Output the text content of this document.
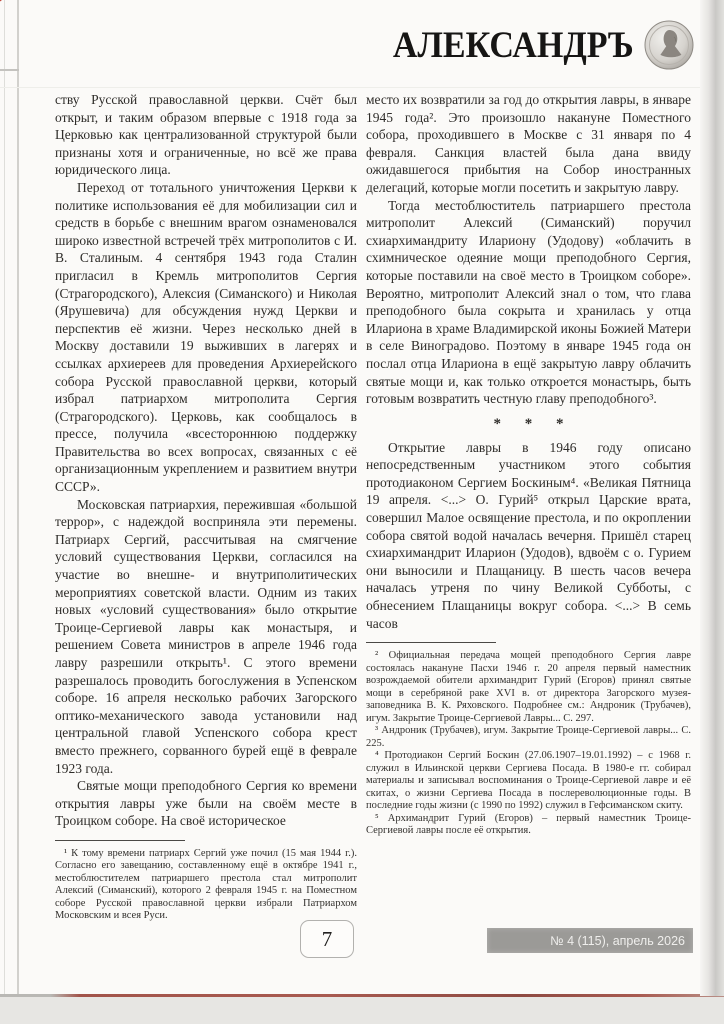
АЛЕКСАНДРЪ

ству Русской православной церкви. Счёт был открыт, и таким образом впервые с 1918 года за Церковью как централизованной структурой были признаны хотя и ограниченные, но всё же права юридического лица.

Переход от тотального уничтожения Церкви к политике использования её для мобилизации сил и средств в борьбе с внешним врагом ознаменовался широко известной встречей трёх митрополитов с И. В. Сталиным. 4 сентября 1943 года Сталин пригласил в Кремль митрополитов Сергия (Страгородского), Алексия (Симанского) и Николая (Ярушевича) для обсуждения нужд Церкви и перспектив её жизни. Через несколько дней в Москву доставили 19 выживших в лагерях и ссылках архиереев для проведения Архиерейского собора Русской православной церкви, который избрал патриархом митрополита Сергия (Страгородского). Церковь, как сообщалось в прессе, получила «всестороннюю поддержку Правительства во всех вопросах, связанных с её организационным укреплением и развитием внутри СССР».

Московская патриархия, пережившая «большой террор», с надеждой восприняла эти перемены. Патриарх Сергий, рассчитывая на смягчение условий существования Церкви, согласился на участие во внешне- и внутриполитических мероприятиях советской власти. Одним из таких новых «условий существования» было открытие Троице-Сергиевой лавры как монастыря, и решением Совета министров в апреле 1946 года лавру разрешили открыть¹. С этого времени разрешалось проводить богослужения в Успенском соборе. 16 апреля несколько рабочих Загорского оптико-механического завода установили над центральной главой Успенского собора крест вместо прежнего, сорванного бурей ещё в феврале 1923 года.

Святые мощи преподобного Сергия ко времени открытия лавры уже были на своём месте в Троицком соборе. На своё историческое

¹ К тому времени патриарх Сергий уже почил (15 мая 1944 г.). Согласно его завещанию, составленному ещё в октябре 1941 г., местоблюстителем патриаршего престола стал митрополит Алексий (Симанский), которого 2 февраля 1945 г. на Поместном соборе Русской православной церкви избрали Патриархом Московским и всея Руси.

место их возвратили за год до открытия лавры, в январе 1945 года². Это произошло накануне Поместного собора, проходившего в Москве с 31 января по 4 февраля. Санкция властей была дана ввиду ожидавшегося прибытия на Собор иностранных делегаций, которые могли посетить и закрытую лавру.

Тогда местоблюститель патриаршего престола митрополит Алексий (Симанский) поручил схиархимандриту Илариону (Удодову) «облачить в схимническое одеяние мощи преподобного Сергия, которые поставили на своё место в Троицком соборе». Вероятно, митрополит Алексий знал о том, что глава преподобного была сокрыта и хранилась у отца Илариона в храме Владимирской иконы Божией Матери в селе Виноградово. Поэтому в январе 1945 года он послал отца Илариона в ещё закрытую лавру облачить святые мощи и, как только откроется монастырь, быть готовым возвратить честную главу преподобного³.

* * *

Открытие лавры в 1946 году описано непосредственным участником этого события протодиаконом Сергием Боскиным⁴. «Великая Пятница 19 апреля. <...> О. Гурий⁵ открыл Царские врата, совершил Малое освящение престола, и по окроплении собора святой водой началась вечерня. Пришёл старец схиархимандрит Иларион (Удодов), вдвоём с о. Гурием они выносили и Плащаницу. В шесть часов вечера началась утреня по чину Великой Субботы, с обнесением Плащаницы вокруг собора. <...> В семь часов

² Официальная передача мощей преподобного Сергия лавре состоялась накануне Пасхи 1946 г. 20 апреля первый наместник возрождаемой обители архимандрит Гурий (Егоров) принял святые мощи в серебряной раке XVI в. от директора Загорского музея-заповедника В. К. Ряховского. Подробнее см.: Андроник (Трубачев), игум. Закрытие Троице-Сергиевой Лавры... С. 297.

³ Андроник (Трубачев), игум. Закрытие Троице-Сергиевой лавры... С. 225.

⁴ Протодиакон Сергий Боскин (27.06.1907–19.01.1992) – с 1968 г. служил в Ильинской церкви Сергиева Посада. В 1980-е гг. собирал материалы и записывал воспоминания о Троице-Сергиевой лавре и её скитах, о жизни Сергиева Посада в послереволюционные годы. В последние годы жизни (с 1990 по 1992) служил в Гефсиманском скиту.

⁵ Архимандрит Гурий (Егоров) – первый наместник Троице-Сергиевой лавры после её открытия.

7	№ 4 (115), апрель 2026
